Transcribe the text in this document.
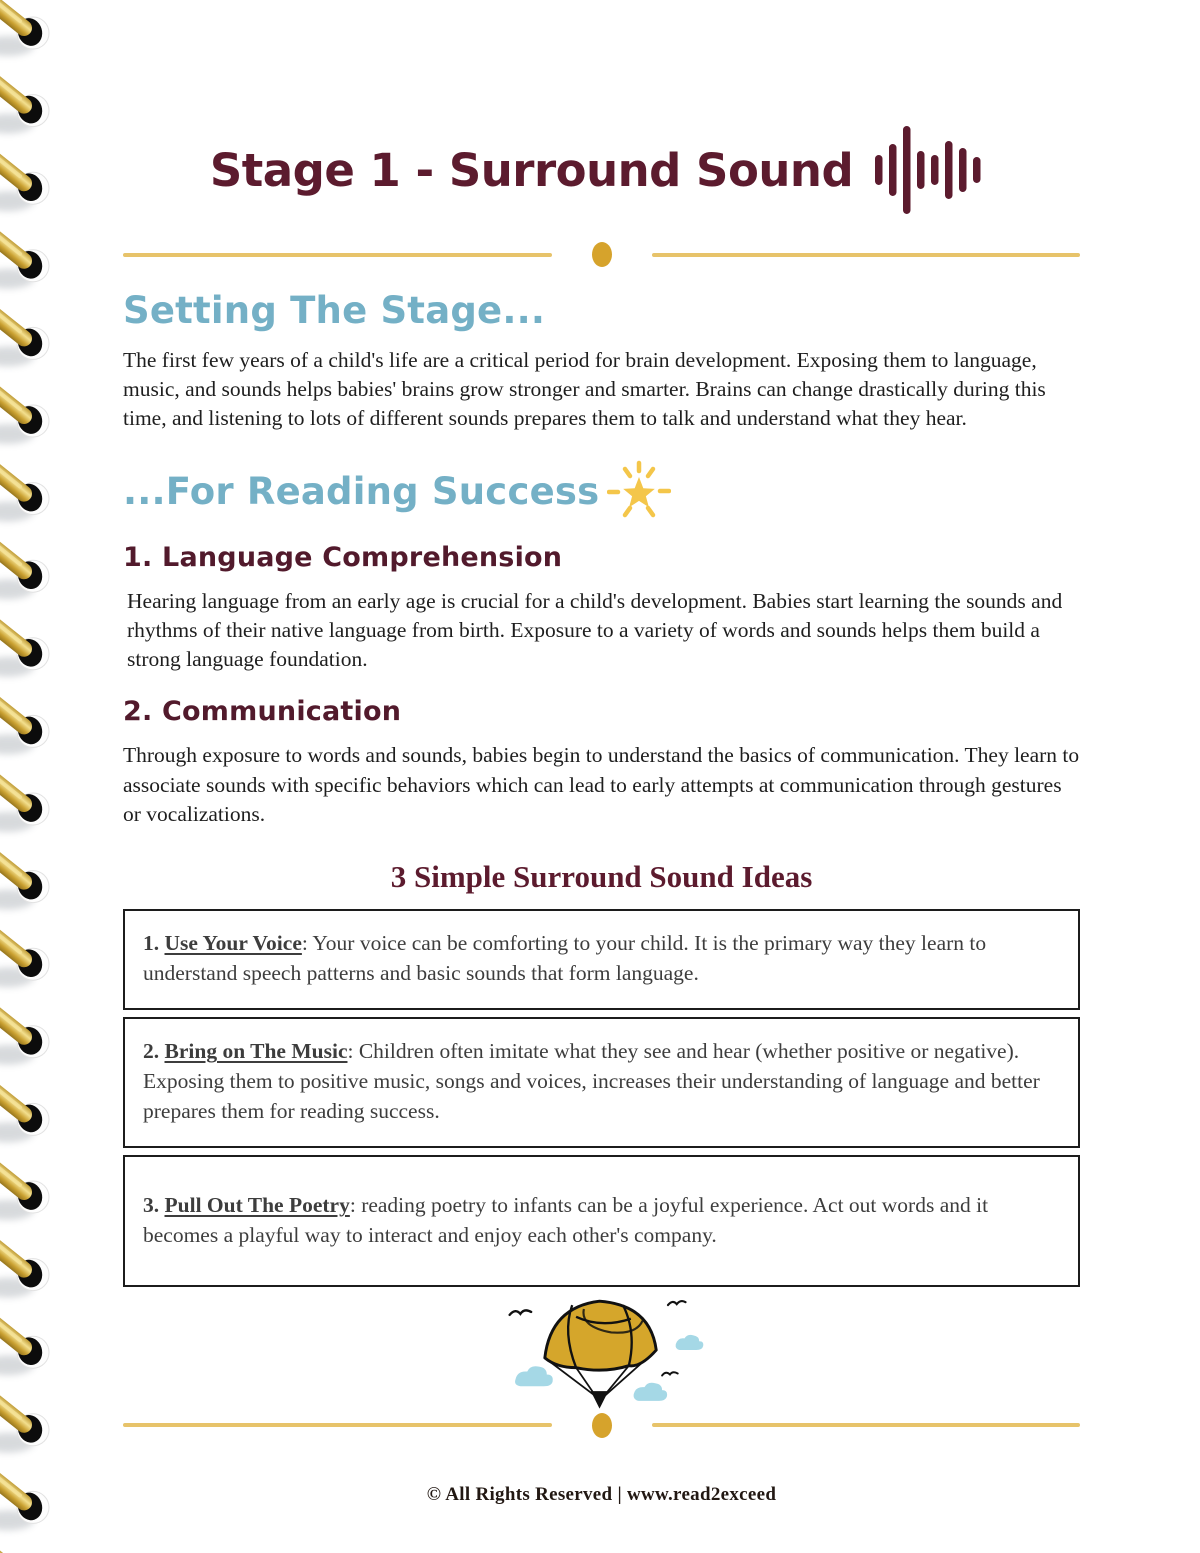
Stage 1 - Surround Sound
Setting The Stage...

The first few years of a child's life are a critical period for brain development. Exposing them to language, music, and sounds helps babies' brains grow stronger and smarter. Brains can change drastically during this time, and listening to lots of different sounds prepares them to talk and understand what they hear.

...For Reading Success
1. Language Comprehension

Hearing language from an early age is crucial for a child's development. Babies start learning the sounds and rhythms of their native language from birth. Exposure to a variety of words and sounds helps them build a strong language foundation.

2. Communication

Through exposure to words and sounds, babies begin to understand the basics of communication. They learn to associate sounds with specific behaviors which can lead to early attempts at communication through gestures or vocalizations.

3 Simple Surround Sound Ideas
1. Use Your Voice: Your voice can be comforting to your child. It is the primary way they learn to understand speech patterns and basic sounds that form language.
2. Bring on The Music: Children often imitate what they see and hear (whether positive or negative). Exposing them to positive music, songs and voices, increases their understanding of language and better prepares them for reading success.
3. Pull Out The Poetry: reading poetry to infants can be a joyful experience. Act out words and it becomes a playful way to interact and enjoy each other's company.
© All Rights Reserved | www.read2exceed
